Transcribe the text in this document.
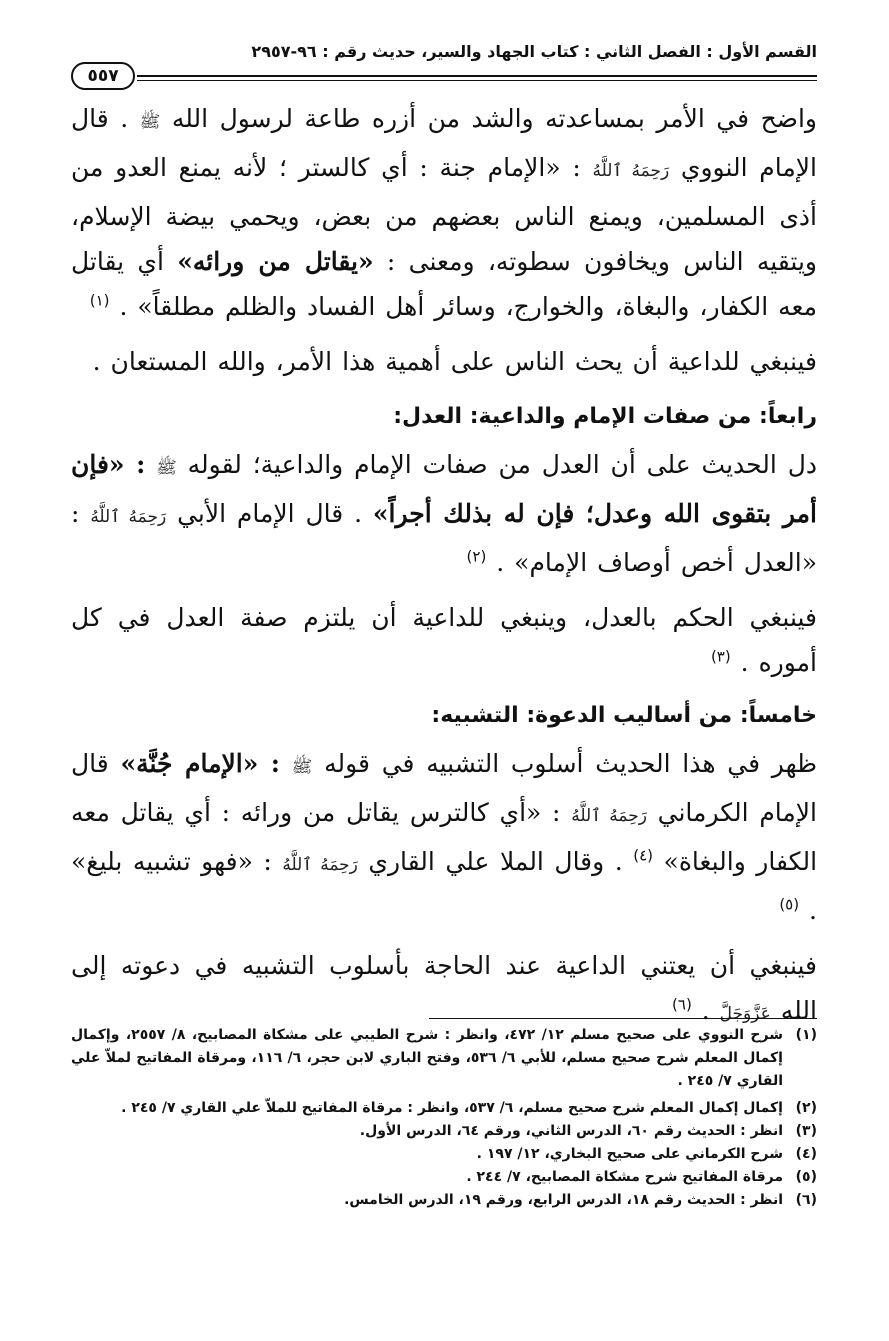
القسم الأول : الفصل الثاني : كتاب الجهاد والسير، حديث رقم : ٩٦-٢٩٥٧
٥٥٧

واضح في الأمر بمساعدته والشد من أزره طاعة لرسول الله ﷺ . قال الإمام النووي رَحِمَهُ ٱللَّهُ : «الإمام جنة : أي كالستر ؛ لأنه يمنع العدو من أذى المسلمين، ويمنع الناس بعضهم من بعض، ويحمي بيضة الإسلام، ويتقيه الناس ويخافون سطوته، ومعنى : «يقاتل من ورائه» أي يقاتل معه الكفار، والبغاة، والخوارج، وسائر أهل الفساد والظلم مطلقاً» . $^{(١)}$

فينبغي للداعية أن يحث الناس على أهمية هذا الأمر، والله المستعان .

رابعاً: من صفات الإمام والداعية: العدل:

دل الحديث على أن العدل من صفات الإمام والداعية؛ لقوله ﷺ : «فإن أمر بتقوى الله وعدل؛ فإن له بذلك أجراً» . قال الإمام الأبي رَحِمَهُ ٱللَّهُ : «العدل أخص أوصاف الإمام» . $^{(٢)}$

فينبغي الحكم بالعدل، وينبغي للداعية أن يلتزم صفة العدل في كل أموره . $^{(٣)}$

خامساً: من أساليب الدعوة: التشبيه:

ظهر في هذا الحديث أسلوب التشبيه في قوله ﷺ : «الإمام جُنَّة» قال الإمام الكرماني رَحِمَهُ ٱللَّهُ : «أي كالترس يقاتل من ورائه : أي يقاتل معه الكفار والبغاة» $^{(٤)}$ . وقال الملا علي القاري رَحِمَهُ ٱللَّهُ : «فهو تشبيه بليغ» . $^{(٥)}$

فينبغي أن يعتني الداعية عند الحاجة بأسلوب التشبيه في دعوته إلى الله عَزَّوَجَلَّ . $^{(٦)}$

(١)
شرح النووي على صحيح مسلم ١٢/ ٤٧٢، وانظر : شرح الطيبي على مشكاة المصابيح، ٨/ ٢٥٥٧، وإكمال إكمال المعلم شرح صحيح مسلم، للأبي ٦/ ٥٣٦، وفتح الباري لابن حجر، ٦/ ١١٦، ومرقاة المفاتيح لملاّ علي القاري ٧/ ٢٤٥ .
(٢)
إكمال إكمال المعلم شرح صحيح مسلم، ٦/ ٥٣٧، وانظر : مرقاة المفاتيح للملاّ علي القاري ٧/ ٢٤٥ .
(٣)
انظر : الحديث رقم ٦٠، الدرس الثاني، ورقم ٦٤، الدرس الأول.
(٤)
شرح الكرماني على صحيح البخاري، ١٢/ ١٩٧ .
(٥)
مرقاة المفاتيح شرح مشكاة المصابيح، ٧/ ٢٤٤ .
(٦)
انظر : الحديث رقم ١٨، الدرس الرابع، ورقم ١٩، الدرس الخامس.
